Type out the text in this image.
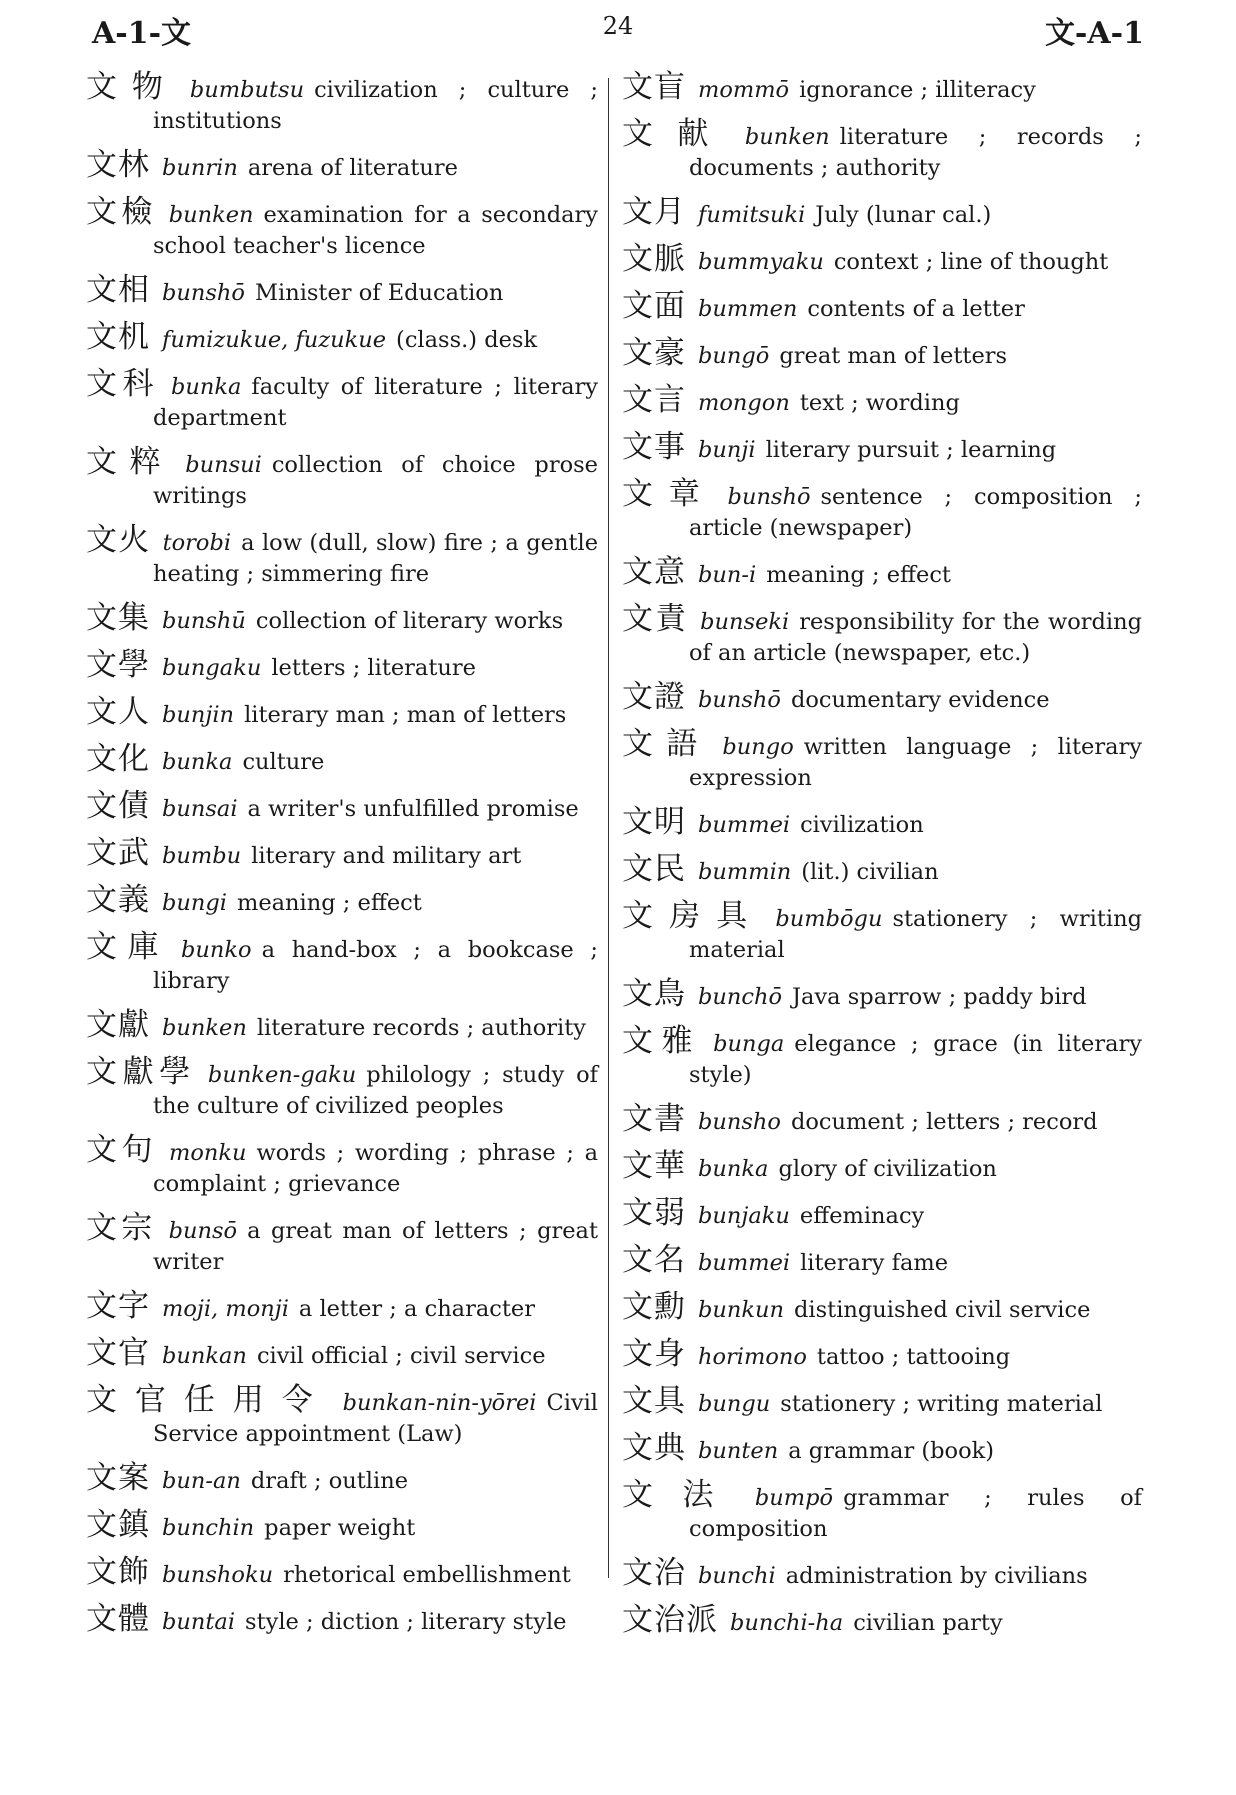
A-1-文	24	文-A-1
文物 bumbutsu civilization ; culture ; institutions
文林 bunrin arena of literature
文檢 bunken examination for a secondary school teacher's licence
文相 bunshō Minister of Education
文机 fumizukue, fuzukue (class.) desk
文科 bunka faculty of literature ; literary department
文粹 bunsui collection of choice prose writings
文火 torobi a low (dull, slow) fire ; a gentle heating ; simmering fire
文集 bunshū collection of literary works
文學 bungaku letters ; literature
文人 bunjin literary man ; man of letters
文化 bunka culture
文債 bunsai a writer's unfulfilled promise
文武 bumbu literary and military art
文義 bungi meaning ; effect
文庫 bunko a hand-box ; a bookcase ; library
文獻 bunken literature records ; authority
文獻學 bunken-gaku philology ; study of the culture of civilized peoples
文句 monku words ; wording ; phrase ; a complaint ; grievance
文宗 bunsō a great man of letters ; great writer
文字 moji, monji a letter ; a character
文官 bunkan civil official ; civil service
文官任用令 bunkan-nin-yōrei Civil Service appointment (Law)
文案 bun-an draft ; outline
文鎮 bunchin paper weight
文飾 bunshoku rhetorical embellishment
文體 buntai style ; diction ; literary style
文盲 mommō ignorance ; illiteracy
文献 bunken literature ; records ; documents ; authority
文月 fumitsuki July (lunar cal.)
文脈 bummyaku context ; line of thought
文面 bummen contents of a letter
文豪 bungō great man of letters
文言 mongon text ; wording
文事 bunji literary pursuit ; learning
文章 bunshō sentence ; composition ; article (newspaper)
文意 bun-i meaning ; effect
文責 bunseki responsibility for the wording of an article (newspaper, etc.)
文證 bunshō documentary evidence
文語 bungo written language ; literary expression
文明 bummei civilization
文民 bummin (lit.) civilian
文房具 bumbōgu stationery ; writing material
文鳥 bunchō Java sparrow ; paddy bird
文雅 bunga elegance ; grace (in literary style)
文書 bunsho document ; letters ; record
文華 bunka glory of civilization
文弱 bunjaku effeminacy
文名 bummei literary fame
文勳 bunkun distinguished civil service
文身 horimono tattoo ; tattooing
文具 bungu stationery ; writing material
文典 bunten a grammar (book)
文法 bumpō grammar ; rules of composition
文治 bunchi administration by civilians
文治派 bunchi-ha civilian party
